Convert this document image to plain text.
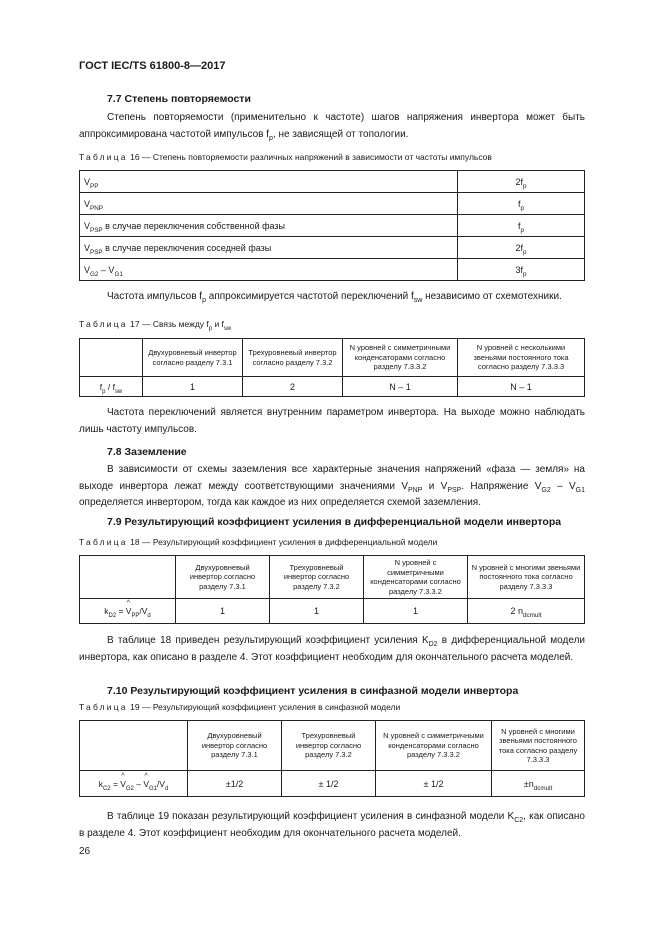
ГОСТ IEC/TS 61800-8—2017
7.7 Степень повторяемости

Степень повторяемости (применительно к частоте) шагов напряжения инвертора может быть аппроксимирована частотой импульсов $f_p$, не зависящей от топологии.

Таблица 16 — Степень повторяемости различных напряжений в зависимости от частоты импульсов
$V_{PP}$	$2f_p$
$V_{PNP}$	$f_p$
$V_{PSP}$ в случае переключения собственной фазы	$f_p$
$V_{PSP}$ в случае переключения соседней фазы	$2f_p$
$V_{G2} - V_{G1}$	$3f_p$

Частота импульсов $f_p$ аппроксимируется частотой переключений $f_{sw}$ независимо от схемотехники.

Таблица 17 — Связь между $f_p$ и $f_{sw}$
	Двухуровневый инвертор согласно разделу 7.3.1	Трехуровневый инвертор согласно разделу 7.3.2	N уровней с симметричными конденсаторами согласно разделу 7.3.3.2	N уровней с несколькими звеньями постоянного тока согласно разделу 7.3.3.3
$f_p / f_{sw}$	1	2	N – 1	N – 1

Частота переключений является внутренним параметром инвертора. На выходе можно наблюдать лишь частоту импульсов.

7.8 Заземление

В зависимости от схемы заземления все характерные значения напряжений «фаза — земля» на выходе инвертора лежат между соответствующими значениями $V_{PNP}$ и $V_{PSP}$. Напряжение $V_{G2} - V_{G1}$ определяется инвертором, тогда как каждое из них определяется схемой заземления.

7.9 Результирующий коэффициент усиления в дифференциальной модели инвертора
Таблица 18 — Результирующий коэффициент усиления в дифференциальной модели
	Двухуровневый инвертор согласно разделу 7.3.1	Трехуровневый инвертор согласно разделу 7.3.2	N уровней с симметричными конденсаторами согласно разделу 7.3.3.2	N уровней с многими звеньями постоянного тока согласно разделу 7.3.3.3
$k_{D2} = V$
^
$_{PP}/V_d$	1	1	1	2 $n_{dcmult}$

В таблице 18 приведен результирующий коэффициент усиления $K_{D2}$ в дифференциальной модели инвертора, как описано в разделе 4. Этот коэффициент необходим для окончательного расчета моделей.

7.10 Результирующий коэффициент усиления в синфазной модели инвертора
Таблица 19 — Результирующий коэффициент усиления в синфазной модели
	Двухуровневый инвертор согласно разделу 7.3.1	Трехуровневый инвертор согласно разделу 7.3.2	N уровней с симметричными конденсаторами согласно разделу 7.3.3.2	N уровней с многими звеньями постоянного тока согласно разделу 7.3.3.3
$k_{C2} = V$
^
$_{G2}$ – V
^
$_{G1}/V_d$	±1/2	± 1/2	± 1/2	$\pm n_{dcmult}$

В таблице 19 показан результирующий коэффициент усиления в синфазной модели $K_{C2}$, как описано в разделе 4. Этот коэффициент необходим для окончательного расчета моделей.

26
